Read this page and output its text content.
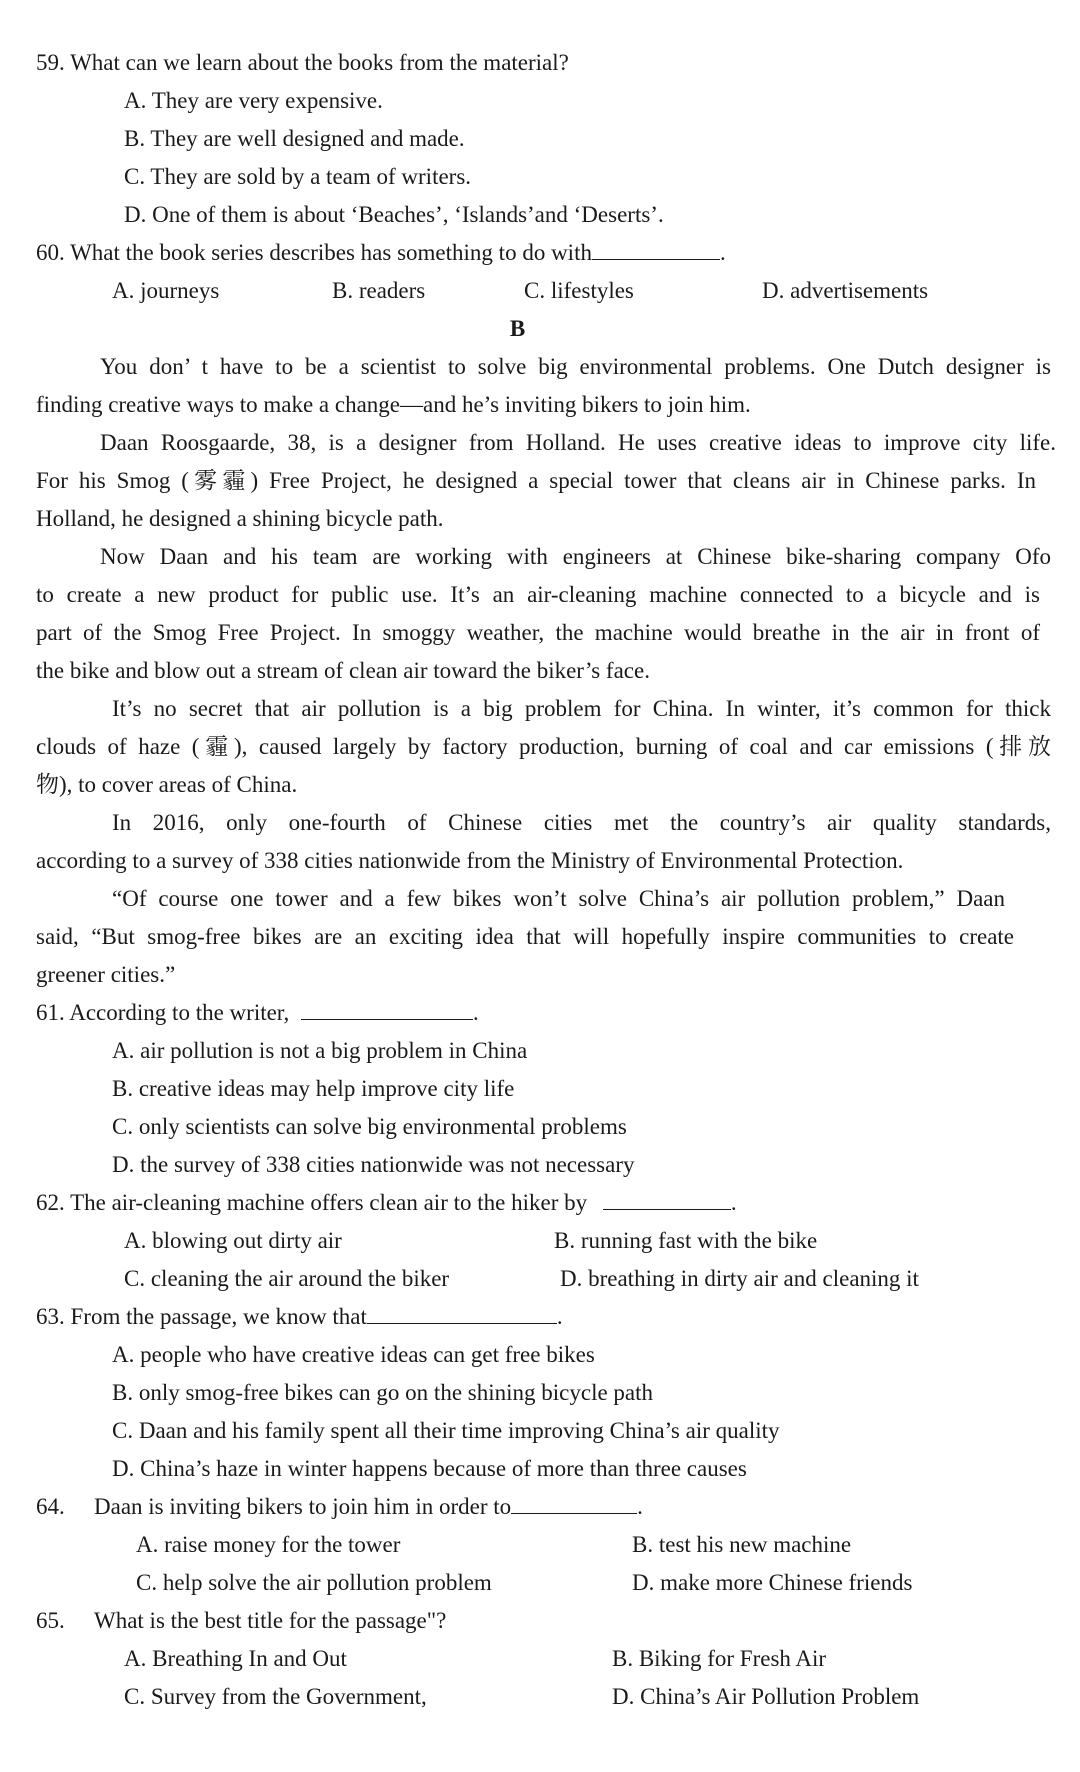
59. What can we learn about the books from the material?
A. They are very expensive.
B. They are well designed and made.
C. They are sold by a team of writers.
D. One of them is about ‘Beaches’, ‘Islands’and ‘Deserts’.
60. What the book series describes has something to do with	.
A. journeys	B. readers	C. lifestyles	D. advertisements
B
You don’ t have to be a scientist to solve big environmental problems. One Dutch designer is
finding creative ways to make a change—and he’s inviting bikers to join him.
Daan Roosgaarde, 38, is a designer from Holland. He uses creative ideas to improve city life.
For his Smog (雾霾) Free Project, he designed a special tower that cleans air in Chinese parks. In
Holland, he designed a shining bicycle path.
Now Daan and his team are working with engineers at Chinese bike-sharing company Ofo
to create a new product for public use. It’s an air-cleaning machine connected to a bicycle and is
part of the Smog Free Project. In smoggy weather, the machine would breathe in the air in front of
the bike and blow out a stream of clean air toward the biker’s face.
It’s no secret that air pollution is a big problem for China. In winter, it’s common for thick
clouds of haze (霾), caused largely by factory production, burning of coal and car emissions (排放
物), to cover areas of China.
In 2016, only one-fourth of Chinese cities met the country’s air quality standards,
according to a survey of 338 cities nationwide from the Ministry of Environmental Protection.
“Of course one tower and a few bikes won’t solve China’s air pollution problem,” Daan
said, “But smog-free bikes are an exciting idea that will hopefully inspire communities to create
greener cities.”
61. According to the writer,	.
A. air pollution is not a big problem in China
B. creative ideas may help improve city life
C. only scientists can solve big environmental problems
D. the survey of 338 cities nationwide was not necessary
62. The air-cleaning machine offers clean air to the hiker by	.
A. blowing out dirty air	B. running fast with the bike
C. cleaning the air around the biker	D. breathing in dirty air and cleaning it
63. From the passage, we know that	.
A. people who have creative ideas can get free bikes
B. only smog-free bikes can go on the shining bicycle path
C. Daan and his family spent all their time improving China’s air quality
D. China’s haze in winter happens because of more than three causes
64. Daan is inviting bikers to join him in order to	.
A. raise money for the tower	B. test his new machine
C. help solve the air pollution problem	D. make more Chinese friends
65. What is the best title for the passage"?
A. Breathing In and Out	B. Biking for Fresh Air
C. Survey from the Government,	D. China’s Air Pollution Problem
